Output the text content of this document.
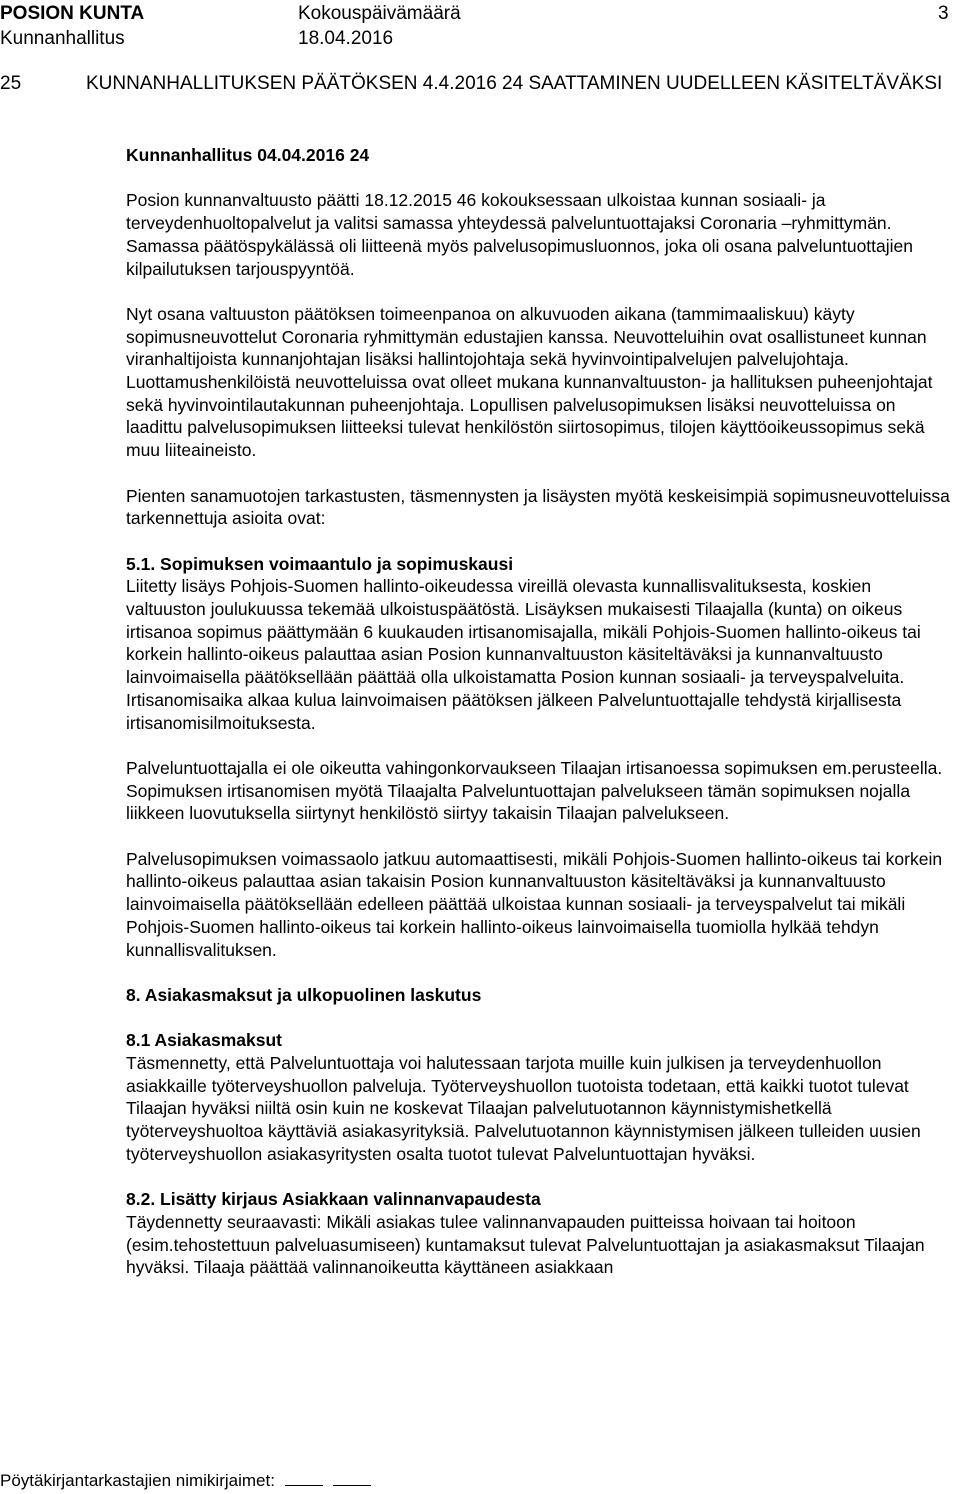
POSION KUNTA	Kokouspäivämäärä	3
Kunnanhallitus	18.04.2016
25	KUNNANHALLITUKSEN PÄÄTÖKSEN 4.4.2016 24 SAATTAMINEN UUDELLEEN KÄSITELTÄVÄKSI

Kunnanhallitus 04.04.2016 24

Posion kunnanvaltuusto päätti 18.12.2015 46 kokouksessaan ulkoistaa kunnan sosiaali- ja terveydenhuoltopalvelut ja valitsi samassa yhteydessä palveluntuottajaksi Coronaria –ryhmittymän. Samassa päätöspykälässä oli liitteenä myös palvelusopimusluonnos, joka oli osana palveluntuottajien kilpailutuksen tarjouspyyntöä.

Nyt osana valtuuston päätöksen toimeenpanoa on alkuvuoden aikana (tammimaaliskuu) käyty sopimusneuvottelut Coronaria ryhmittymän edustajien kanssa. Neuvotteluihin ovat osallistuneet kunnan viranhaltijoista kunnanjohtajan lisäksi hallintojohtaja sekä hyvinvointipalvelujen palvelujohtaja. Luottamushenkilöistä neuvotteluissa ovat olleet mukana kunnanvaltuuston- ja hallituksen puheenjohtajat sekä hyvinvointilautakunnan puheenjohtaja. Lopullisen palvelusopimuksen lisäksi neuvotteluissa on laadittu palvelusopimuksen liitteeksi tulevat henkilöstön siirtosopimus, tilojen käyttöoikeussopimus sekä muu liiteaineisto.

Pienten sanamuotojen tarkastusten, täsmennysten ja lisäysten myötä keskeisimpiä sopimusneuvotteluissa tarkennettuja asioita ovat:

5.1. Sopimuksen voimaantulo ja sopimuskausi

Liitetty lisäys Pohjois-Suomen hallinto-oikeudessa vireillä olevasta kunnallisvalituksesta, koskien valtuuston joulukuussa tekemää ulkoistuspäätöstä. Lisäyksen mukaisesti Tilaajalla (kunta) on oikeus irtisanoa sopimus päättymään 6 kuukauden irtisanomisajalla, mikäli Pohjois-Suomen hallinto-oikeus tai korkein hallinto-oikeus palauttaa asian Posion kunnanvaltuuston käsiteltäväksi ja kunnanvaltuusto lainvoimaisella päätöksellään päättää olla ulkoistamatta Posion kunnan sosiaali- ja terveyspalveluita. Irtisanomisaika alkaa kulua lainvoimaisen päätöksen jälkeen Palveluntuottajalle tehdystä kirjallisesta irtisanomisilmoituksesta.

Palveluntuottajalla ei ole oikeutta vahingonkorvaukseen Tilaajan irtisanoessa sopimuksen em.perusteella. Sopimuksen irtisanomisen myötä Tilaajalta Palveluntuottajan palvelukseen tämän sopimuksen nojalla liikkeen luovutuksella siirtynyt henkilöstö siirtyy takaisin Tilaajan palvelukseen.

Palvelusopimuksen voimassaolo jatkuu automaattisesti, mikäli Pohjois-Suomen hallinto-oikeus tai korkein hallinto-oikeus palauttaa asian takaisin Posion kunnanvaltuuston käsiteltäväksi ja kunnanvaltuusto lainvoimaisella päätöksellään edelleen päättää ulkoistaa kunnan sosiaali- ja terveyspalvelut tai mikäli Pohjois-Suomen hallinto-oikeus tai korkein hallinto-oikeus lainvoimaisella tuomiolla hylkää tehdyn kunnallisvalituksen.

8. Asiakasmaksut ja ulkopuolinen laskutus
8.1 Asiakasmaksut

Täsmennetty, että Palveluntuottaja voi halutessaan tarjota muille kuin julkisen ja terveydenhuollon asiakkaille työterveyshuollon palveluja. Työterveyshuollon tuotoista todetaan, että kaikki tuotot tulevat Tilaajan hyväksi niiltä osin kuin ne koskevat Tilaajan palvelutuotannon käynnistymishetkellä työterveyshuoltoa käyttäviä asiakasyrityksiä. Palvelutuotannon käynnistymisen jälkeen tulleiden uusien työterveyshuollon asiakasyritysten osalta tuotot tulevat Palveluntuottajan hyväksi.

8.2. Lisätty kirjaus Asiakkaan valinnanvapaudesta

Täydennetty seuraavasti: Mikäli asiakas tulee valinnanvapauden puitteissa hoivaan tai hoitoon (esim.tehostettuun palveluasumiseen) kuntamaksut tulevat Palveluntuottajan ja asiakasmaksut Tilaajan hyväksi. Tilaaja päättää valinnanoikeutta käyttäneen asiakkaan

Pöytäkirjantarkastajien nimikirjaimet:
